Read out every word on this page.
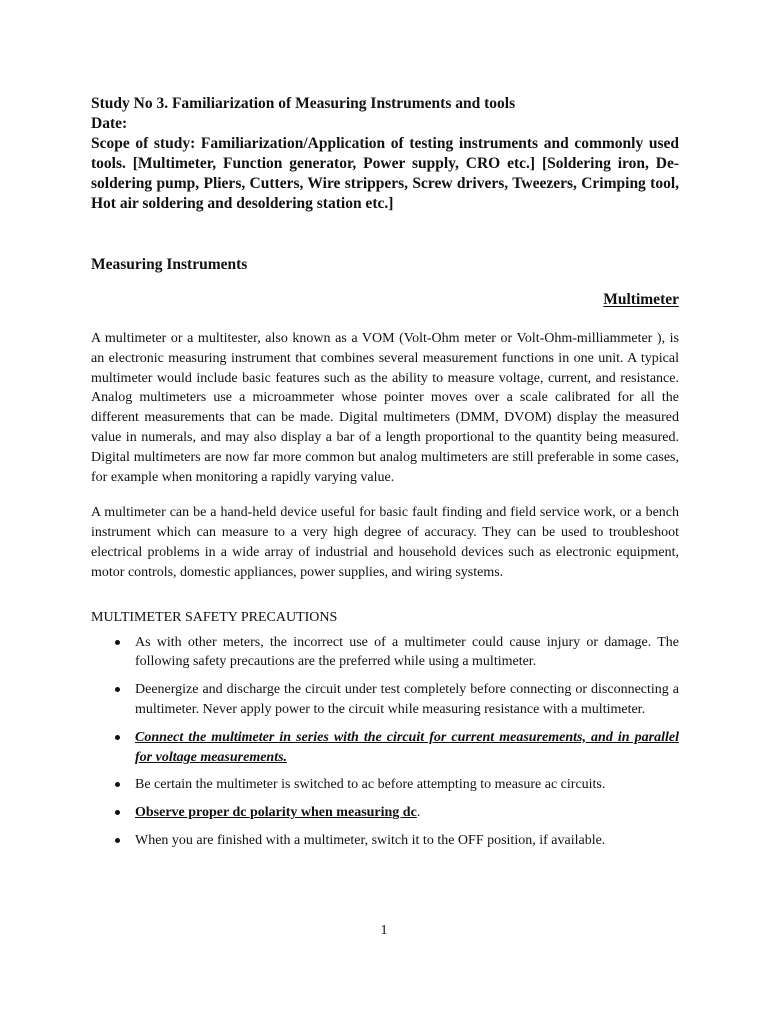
Study No 3. Familiarization of Measuring Instruments and tools
Date:
Scope of study: Familiarization/Application of testing instruments and commonly used tools. [Multimeter, Function generator, Power supply, CRO etc.] [Soldering iron, De-soldering pump, Pliers, Cutters, Wire strippers, Screw drivers, Tweezers, Crimping tool, Hot air soldering and desoldering station etc.]
Measuring Instruments
Multimeter

A multimeter or a multitester, also known as a VOM (Volt-Ohm meter or Volt-Ohm-milliammeter ), is an electronic measuring instrument that combines several measurement functions in one unit. A typical multimeter would include basic features such as the ability to measure voltage, current, and resistance. Analog multimeters use a microammeter whose pointer moves over a scale calibrated for all the different measurements that can be made. Digital multimeters (DMM, DVOM) display the measured value in numerals, and may also display a bar of a length proportional to the quantity being measured. Digital multimeters are now far more common but analog multimeters are still preferable in some cases, for example when monitoring a rapidly varying value.

A multimeter can be a hand-held device useful for basic fault finding and field service work, or a bench instrument which can measure to a very high degree of accuracy. They can be used to troubleshoot electrical problems in a wide array of industrial and household devices such as electronic equipment, motor controls, domestic appliances, power supplies, and wiring systems.

MULTIMETER SAFETY PRECAUTIONS
As with other meters, the incorrect use of a multimeter could cause injury or damage. The following safety precautions are the preferred while using a multimeter.
Deenergize and discharge the circuit under test completely before connecting or disconnecting a multimeter. Never apply power to the circuit while measuring resistance with a multimeter.
Connect the multimeter in series with the circuit for current measurements, and in parallel for voltage measurements.
Be certain the multimeter is switched to ac before attempting to measure ac circuits.
Observe proper dc polarity when measuring dc.
When you are finished with a multimeter, switch it to the OFF position, if available.
1
